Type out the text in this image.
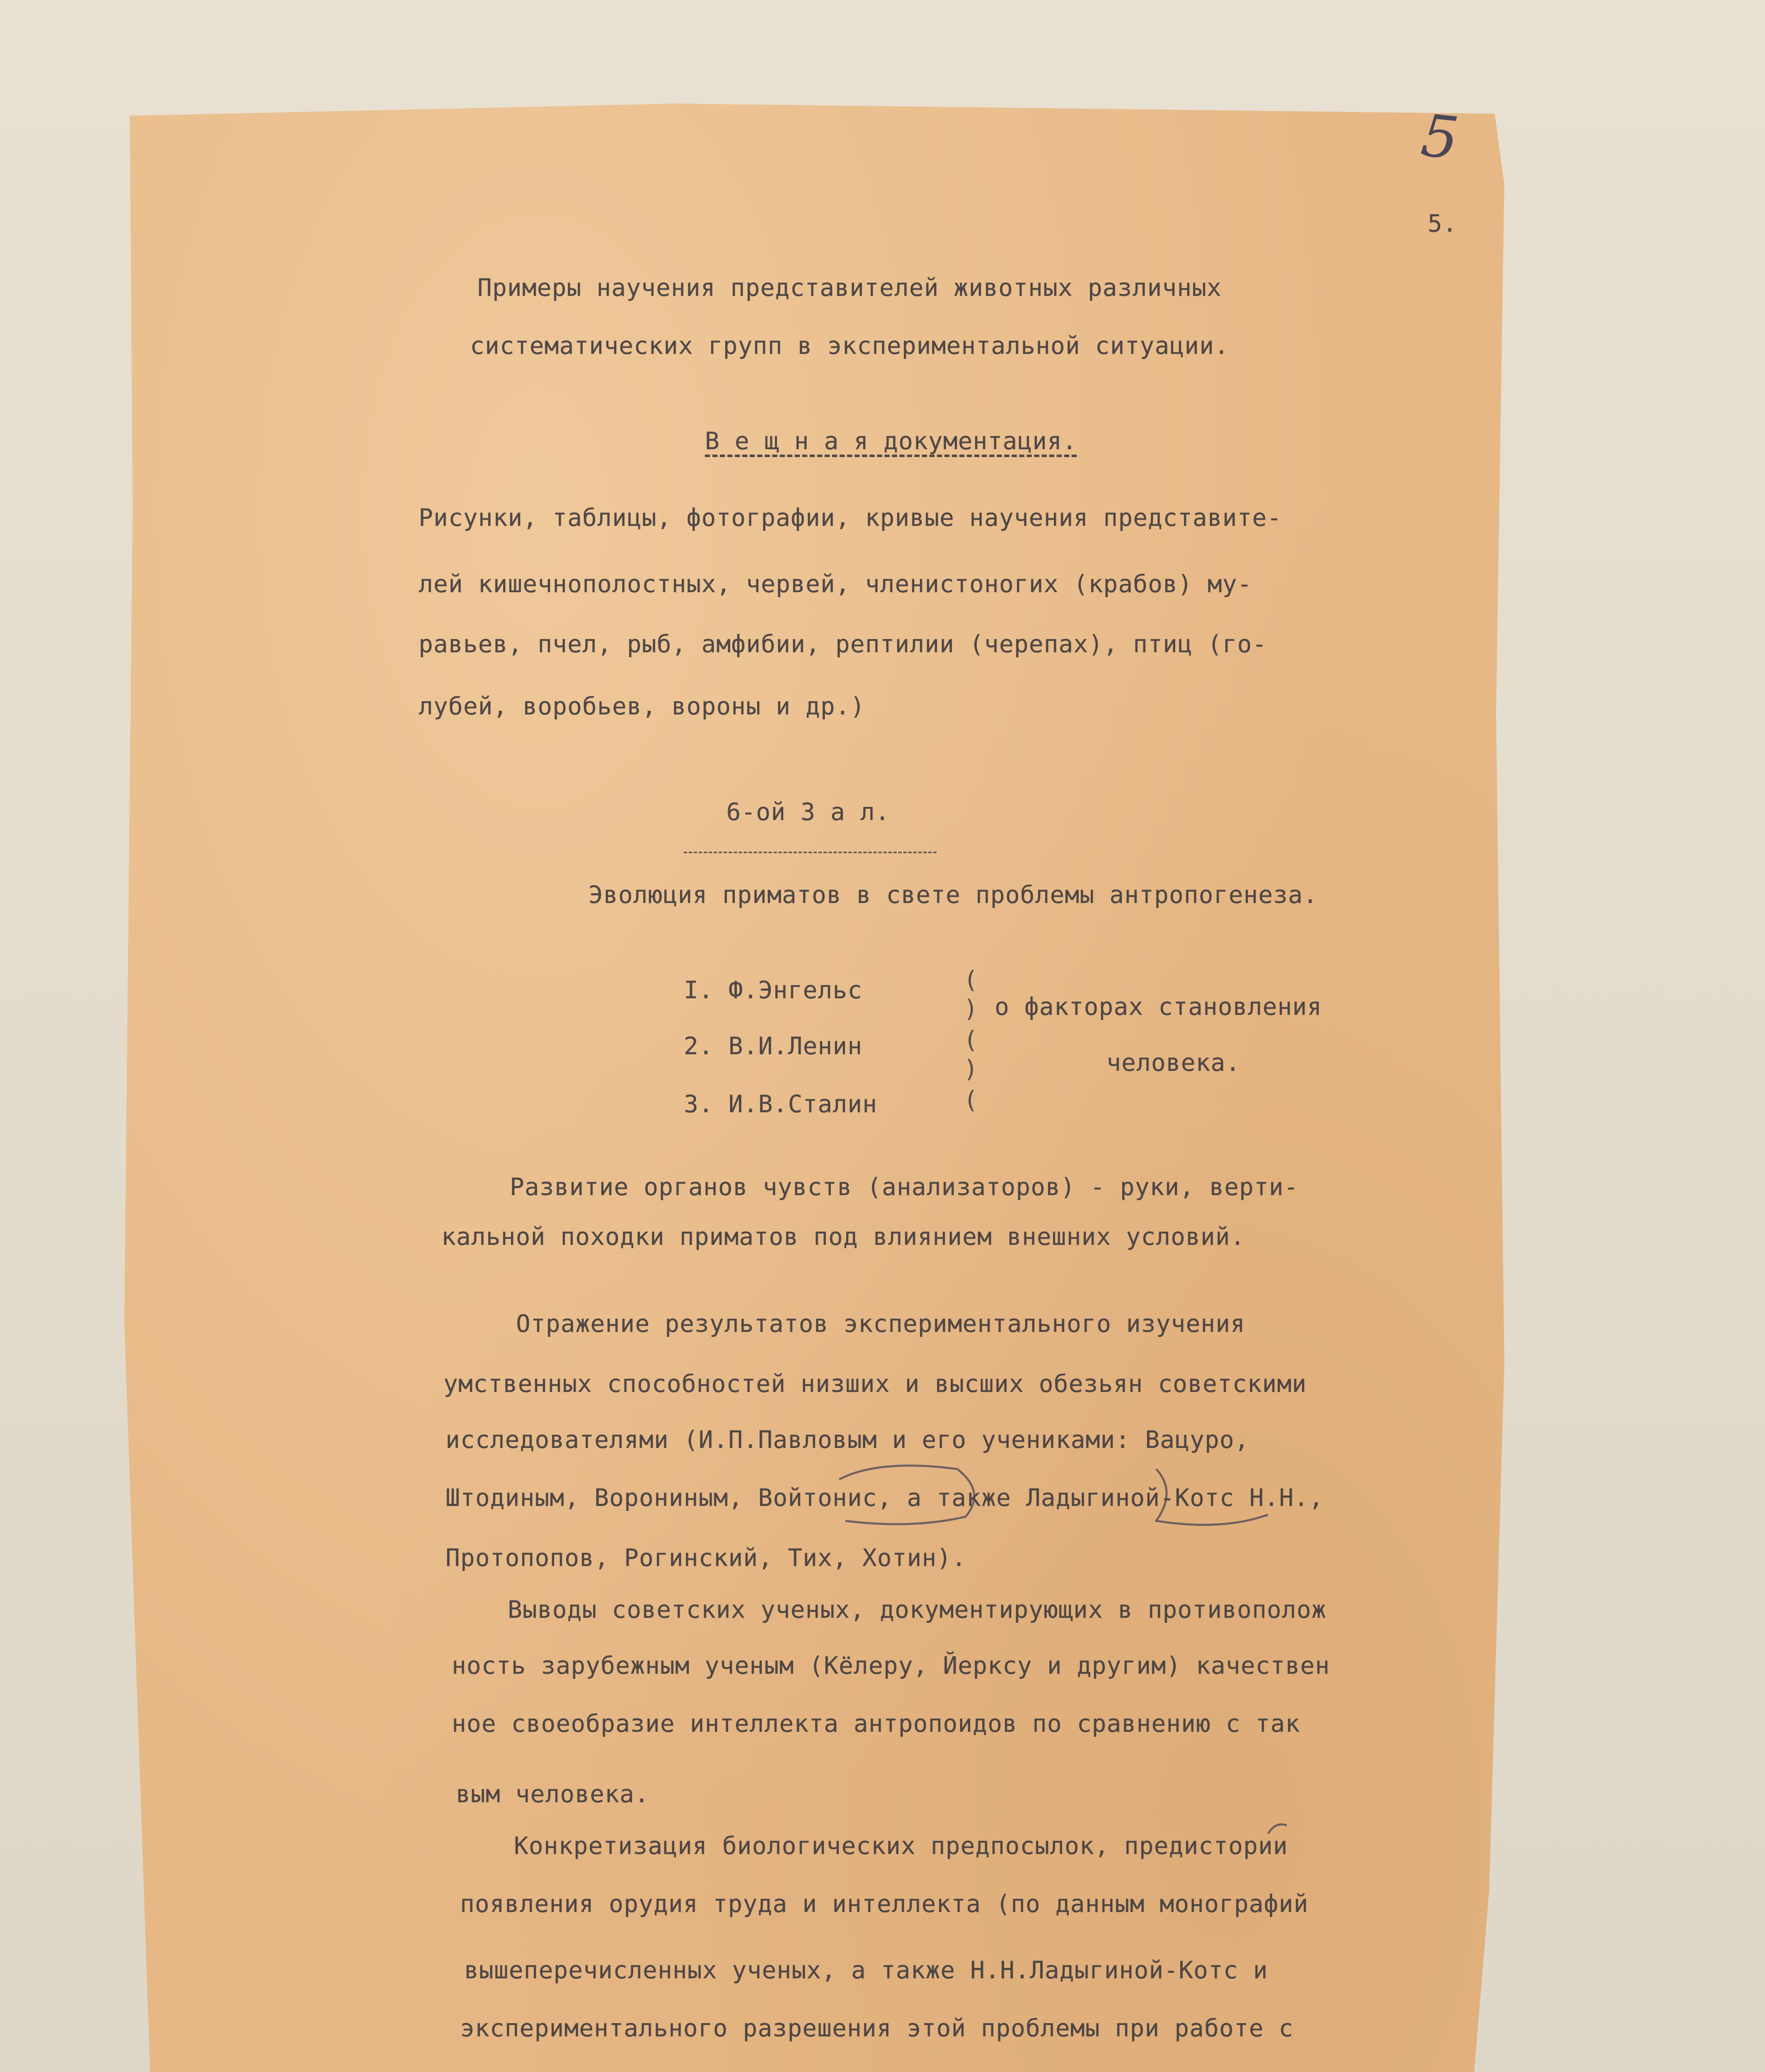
5
5.
Примеры научения представителей животных различных
систематических групп в экспериментальной ситуации.
В е щ н а я документация.
Рисунки, таблицы, фотографии, кривые научения представите-
лей кишечнополостных, червей, членистоногих (крабов) му-
равьев, пчел, рыб, амфибии, рептилии (черепах), птиц (го-
лубей, воробьев, вороны и др.)
6-ой З а л.
Эволюция приматов в свете проблемы антропогенеза.
I. Ф.Энгельс
2. В.И.Ленин
3. И.В.Сталин
(
)
(
)
(
о факторах становления
человека.
Развитие органов чувств (анализаторов) - руки, верти-
кальной походки приматов под влиянием внешних условий.
Отражение результатов экспериментального изучения
умственных способностей низших и высших обезьян советскими
исследователями (И.П.Павловым и его учениками: Вацуро,
Штодиным, Ворониным, Войтонис, а также Ладыгиной-Котс Н.Н.,
Протопопов, Рогинский, Тих, Хотин).
Выводы советских ученых, документирующих в противополож
ность зарубежным ученым (Кёлеру, Йерксу и другим) качествен
ное своеобразие интеллекта антропоидов по сравнению с так
вым человека.
Конкретизация биологических предпосылок, предистории
появления орудия труда и интеллекта (по данным монографий
вышеперечисленных ученых, а также Н.Н.Ладыгиной-Котс и
экспериментального разрешения этой проблемы при работе с
